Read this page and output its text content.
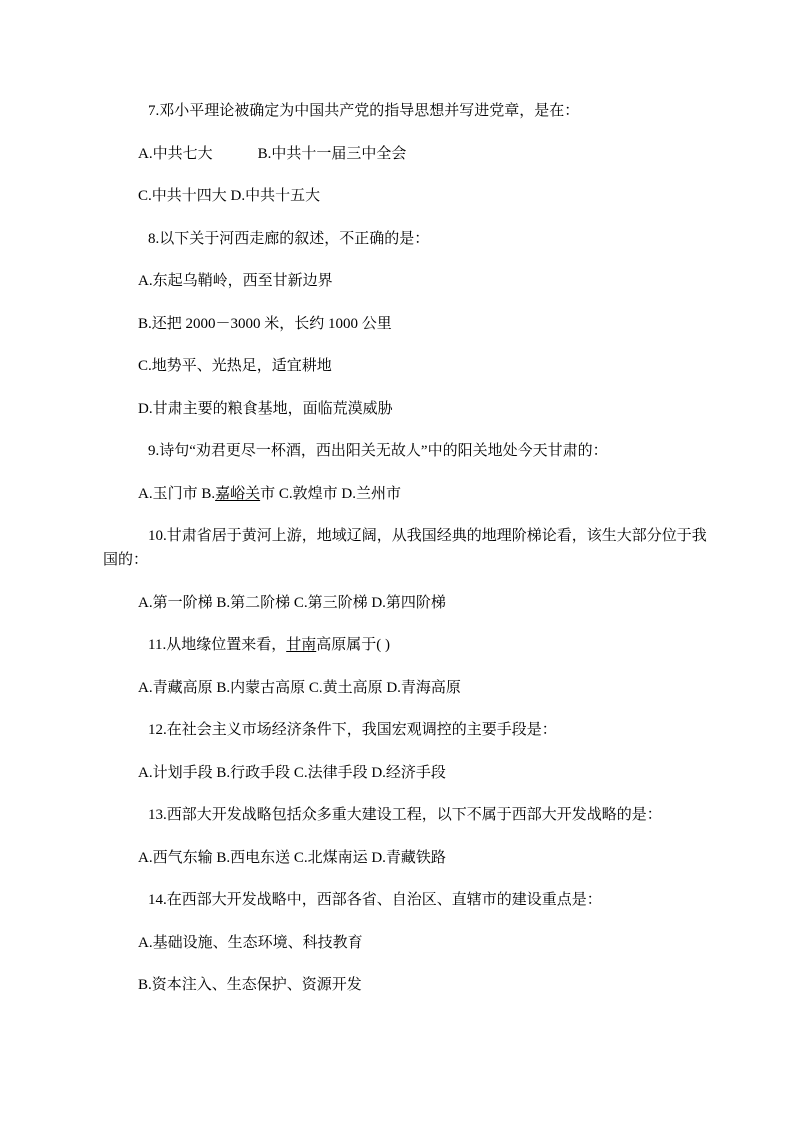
7.邓小平理论被确定为中国共产党的指导思想并写进党章，是在：
A.中共七大	B.中共十一届三中全会
C.中共十四大 D.中共十五大
8.以下关于河西走廊的叙述，不正确的是：
A.东起乌鞘岭，西至甘新边界
B.还把 2000－3000 米，长约 1000 公里
C.地势平、光热足，适宜耕地
D.甘肃主要的粮食基地，面临荒漠威胁
9.诗句“劝君更尽一杯酒，西出阳关无故人”中的阳关地处今天甘肃的：
A.玉门市 B.嘉峪关市 C.敦煌市 D.兰州市
10.甘肃省居于黄河上游，地域辽阔，从我国经典的地理阶梯论看，该生大部分位于我
国的：
A.第一阶梯 B.第二阶梯 C.第三阶梯 D.第四阶梯
11.从地缘位置来看，甘南高原属于( )
A.青藏高原 B.内蒙古高原 C.黄土高原 D.青海高原
12.在社会主义市场经济条件下，我国宏观调控的主要手段是：
A.计划手段 B.行政手段 C.法律手段 D.经济手段
13.西部大开发战略包括众多重大建设工程，以下不属于西部大开发战略的是：
A.西气东输 B.西电东送 C.北煤南运 D.青藏铁路
14.在西部大开发战略中，西部各省、自治区、直辖市的建设重点是：
A.基础设施、生态环境、科技教育
B.资本注入、生态保护、资源开发
